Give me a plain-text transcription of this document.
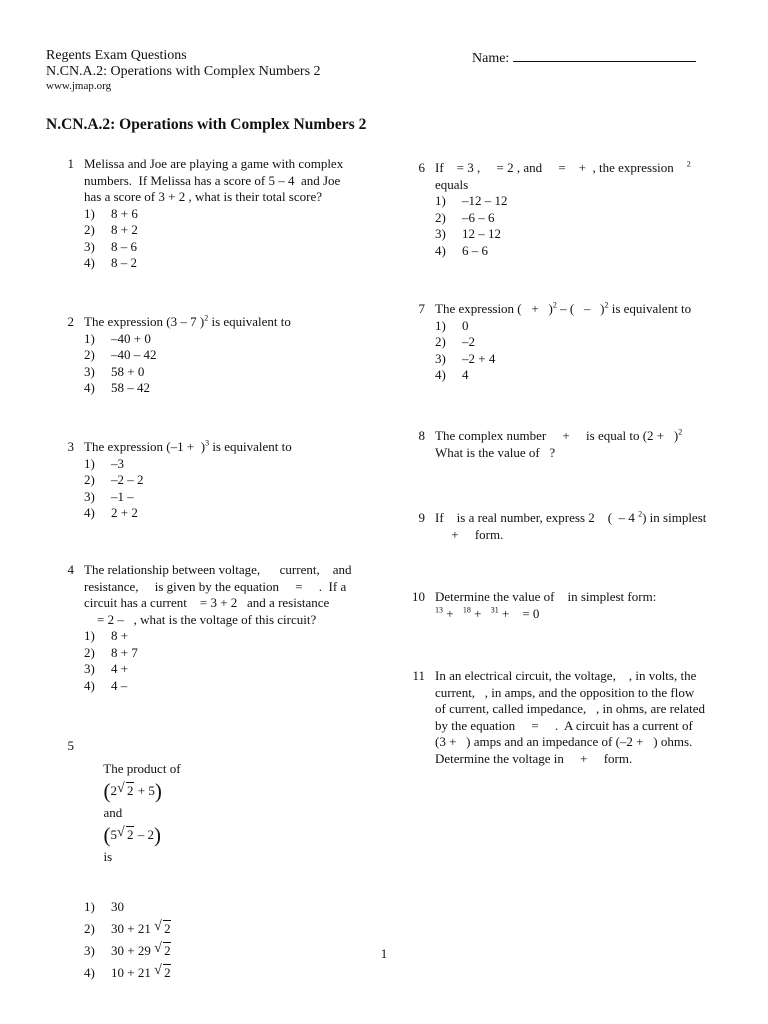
Regents Exam Questions
N.CN.A.2: Operations with Complex Numbers 2
www.jmap.org
Name:
N.CN.A.2: Operations with Complex Numbers 2
1 Melissa and Joe are playing a game with complex
numbers.  If Melissa has a score of 5 – 4  and Joe
has a score of 3 + 2 , what is their total score?
1) 8 + 6
2) 8 + 2
3) 8 – 6
4) 8 – 2
2 The expression (3 – 7 )$^2$ is equivalent to
1) –40 + 0
2) –40 – 42
3) 58 + 0
4) 58 – 42
3 The expression $(-1 + )^3$ is equivalent to
1) –3
2) –2 – 2
3) –1 –
4) 2 + 2
4 The relationship between voltage,      current,    and
resistance,     is given by the equation     =     .  If a
circuit has a current    = 3 + 2   and a resistance
= 2 –   , what is the voltage of this circuit?
1) 8 +
2) 8 + 7
3) 4 +
4) 4 –
5

The product of
(2 √ 2 + 5)
and
(5 √ 2 – 2)
is

1) 30
2) 30 + 21 √ 2
3) 30 + 29 √ 2
4) 10 + 21 √ 2
6 If    = 3 ,     = 2 , and     =    +  , the expression $^2$
equals
1) –12 – 12
2) –6 – 6
3) 12 – 12
4) 6 – 6
7 The expression (   +   )$^2$ – (   –   )$^2$ is equivalent to
1) 0
2) –2
3) –2 + 4
4) 4
8 The complex number     +     is equal to $(2 + )^2$
What is the value of   ?
9 If    is a real number, express 2    (  – 4 $^2$) in simplest
+     form.
10 Determine the value of    in simplest form:
$^{13}$ + $^{18}$ + $^{31}$ +    = 0
11 In an electrical circuit, the voltage,    , in volts, the
current,   , in amps, and the opposition to the flow
of current, called impedance,   , in ohms, are related
by the equation     =     .  A circuit has a current of
(3 +   ) amps and an impedance of (–2 +   ) ohms.
Determine the voltage in     +     form.
1
